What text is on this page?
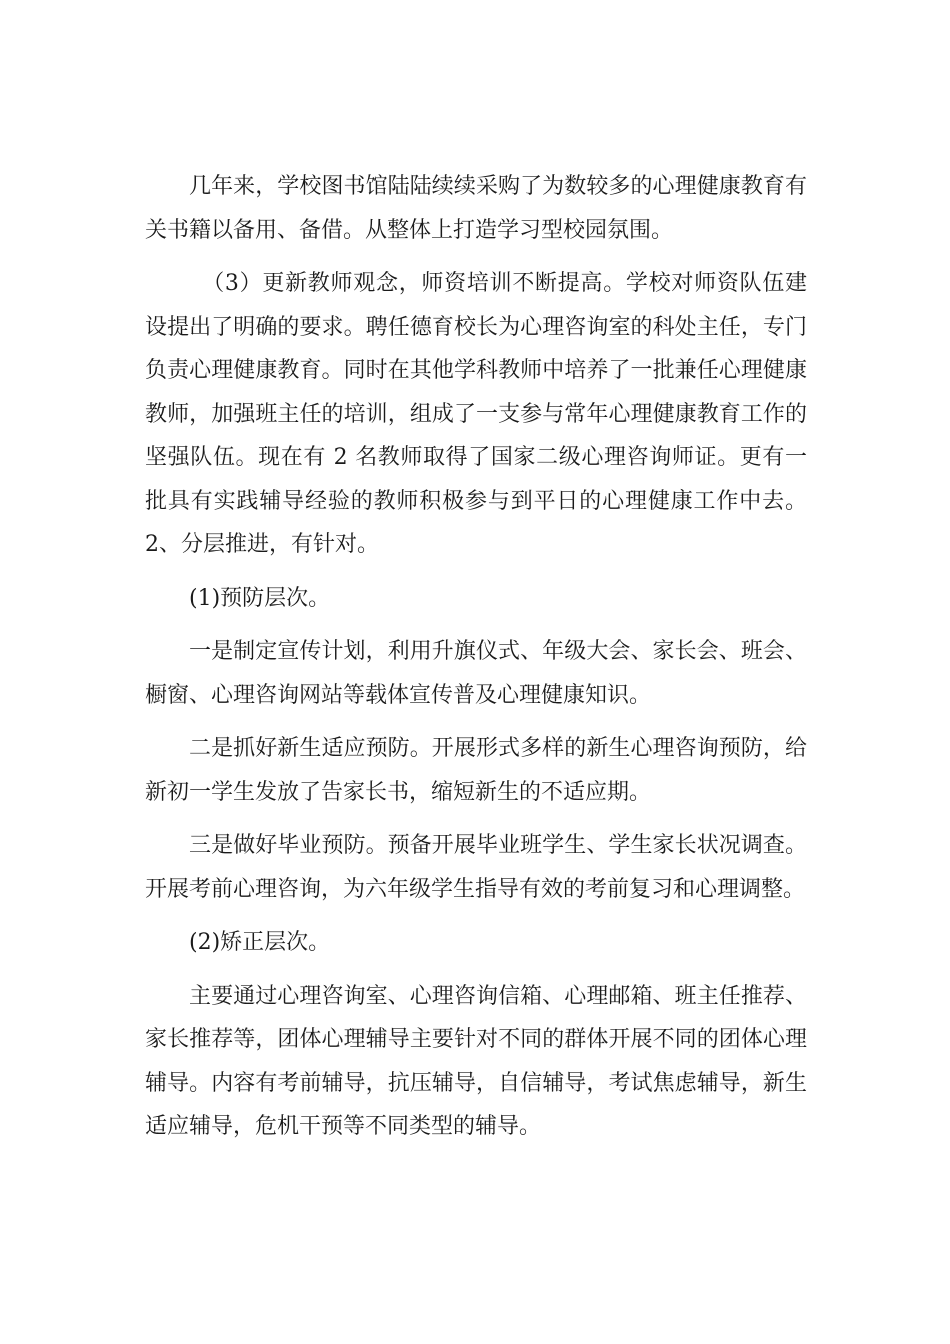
几年来，学校图书馆陆陆续续采购了为数较多的心理健康教育有关书籍以备用、备借。从整体上打造学习型校园氛围。

（3）更新教师观念，师资培训不断提高。学校对师资队伍建设提出了明确的要求。聘任德育校长为心理咨询室的科处主任，专门负责心理健康教育。同时在其他学科教师中培养了一批兼任心理健康教师，加强班主任的培训，组成了一支参与常年心理健康教育工作的坚强队伍。现在有 2 名教师取得了国家二级心理咨询师证。更有一批具有实践辅导经验的教师积极参与到平日的心理健康工作中去。2、分层推进，有针对。

(1)预防层次。

一是制定宣传计划，利用升旗仪式、年级大会、家长会、班会、橱窗、心理咨询网站等载体宣传普及心理健康知识。

二是抓好新生适应预防。开展形式多样的新生心理咨询预防，给新初一学生发放了告家长书，缩短新生的不适应期。

三是做好毕业预防。预备开展毕业班学生、学生家长状况调查。开展考前心理咨询，为六年级学生指导有效的考前复习和心理调整。

(2)矫正层次。

主要通过心理咨询室、心理咨询信箱、心理邮箱、班主任推荐、家长推荐等，团体心理辅导主要针对不同的群体开展不同的团体心理辅导。内容有考前辅导，抗压辅导，自信辅导，考试焦虑辅导，新生适应辅导，危机干预等不同类型的辅导。
